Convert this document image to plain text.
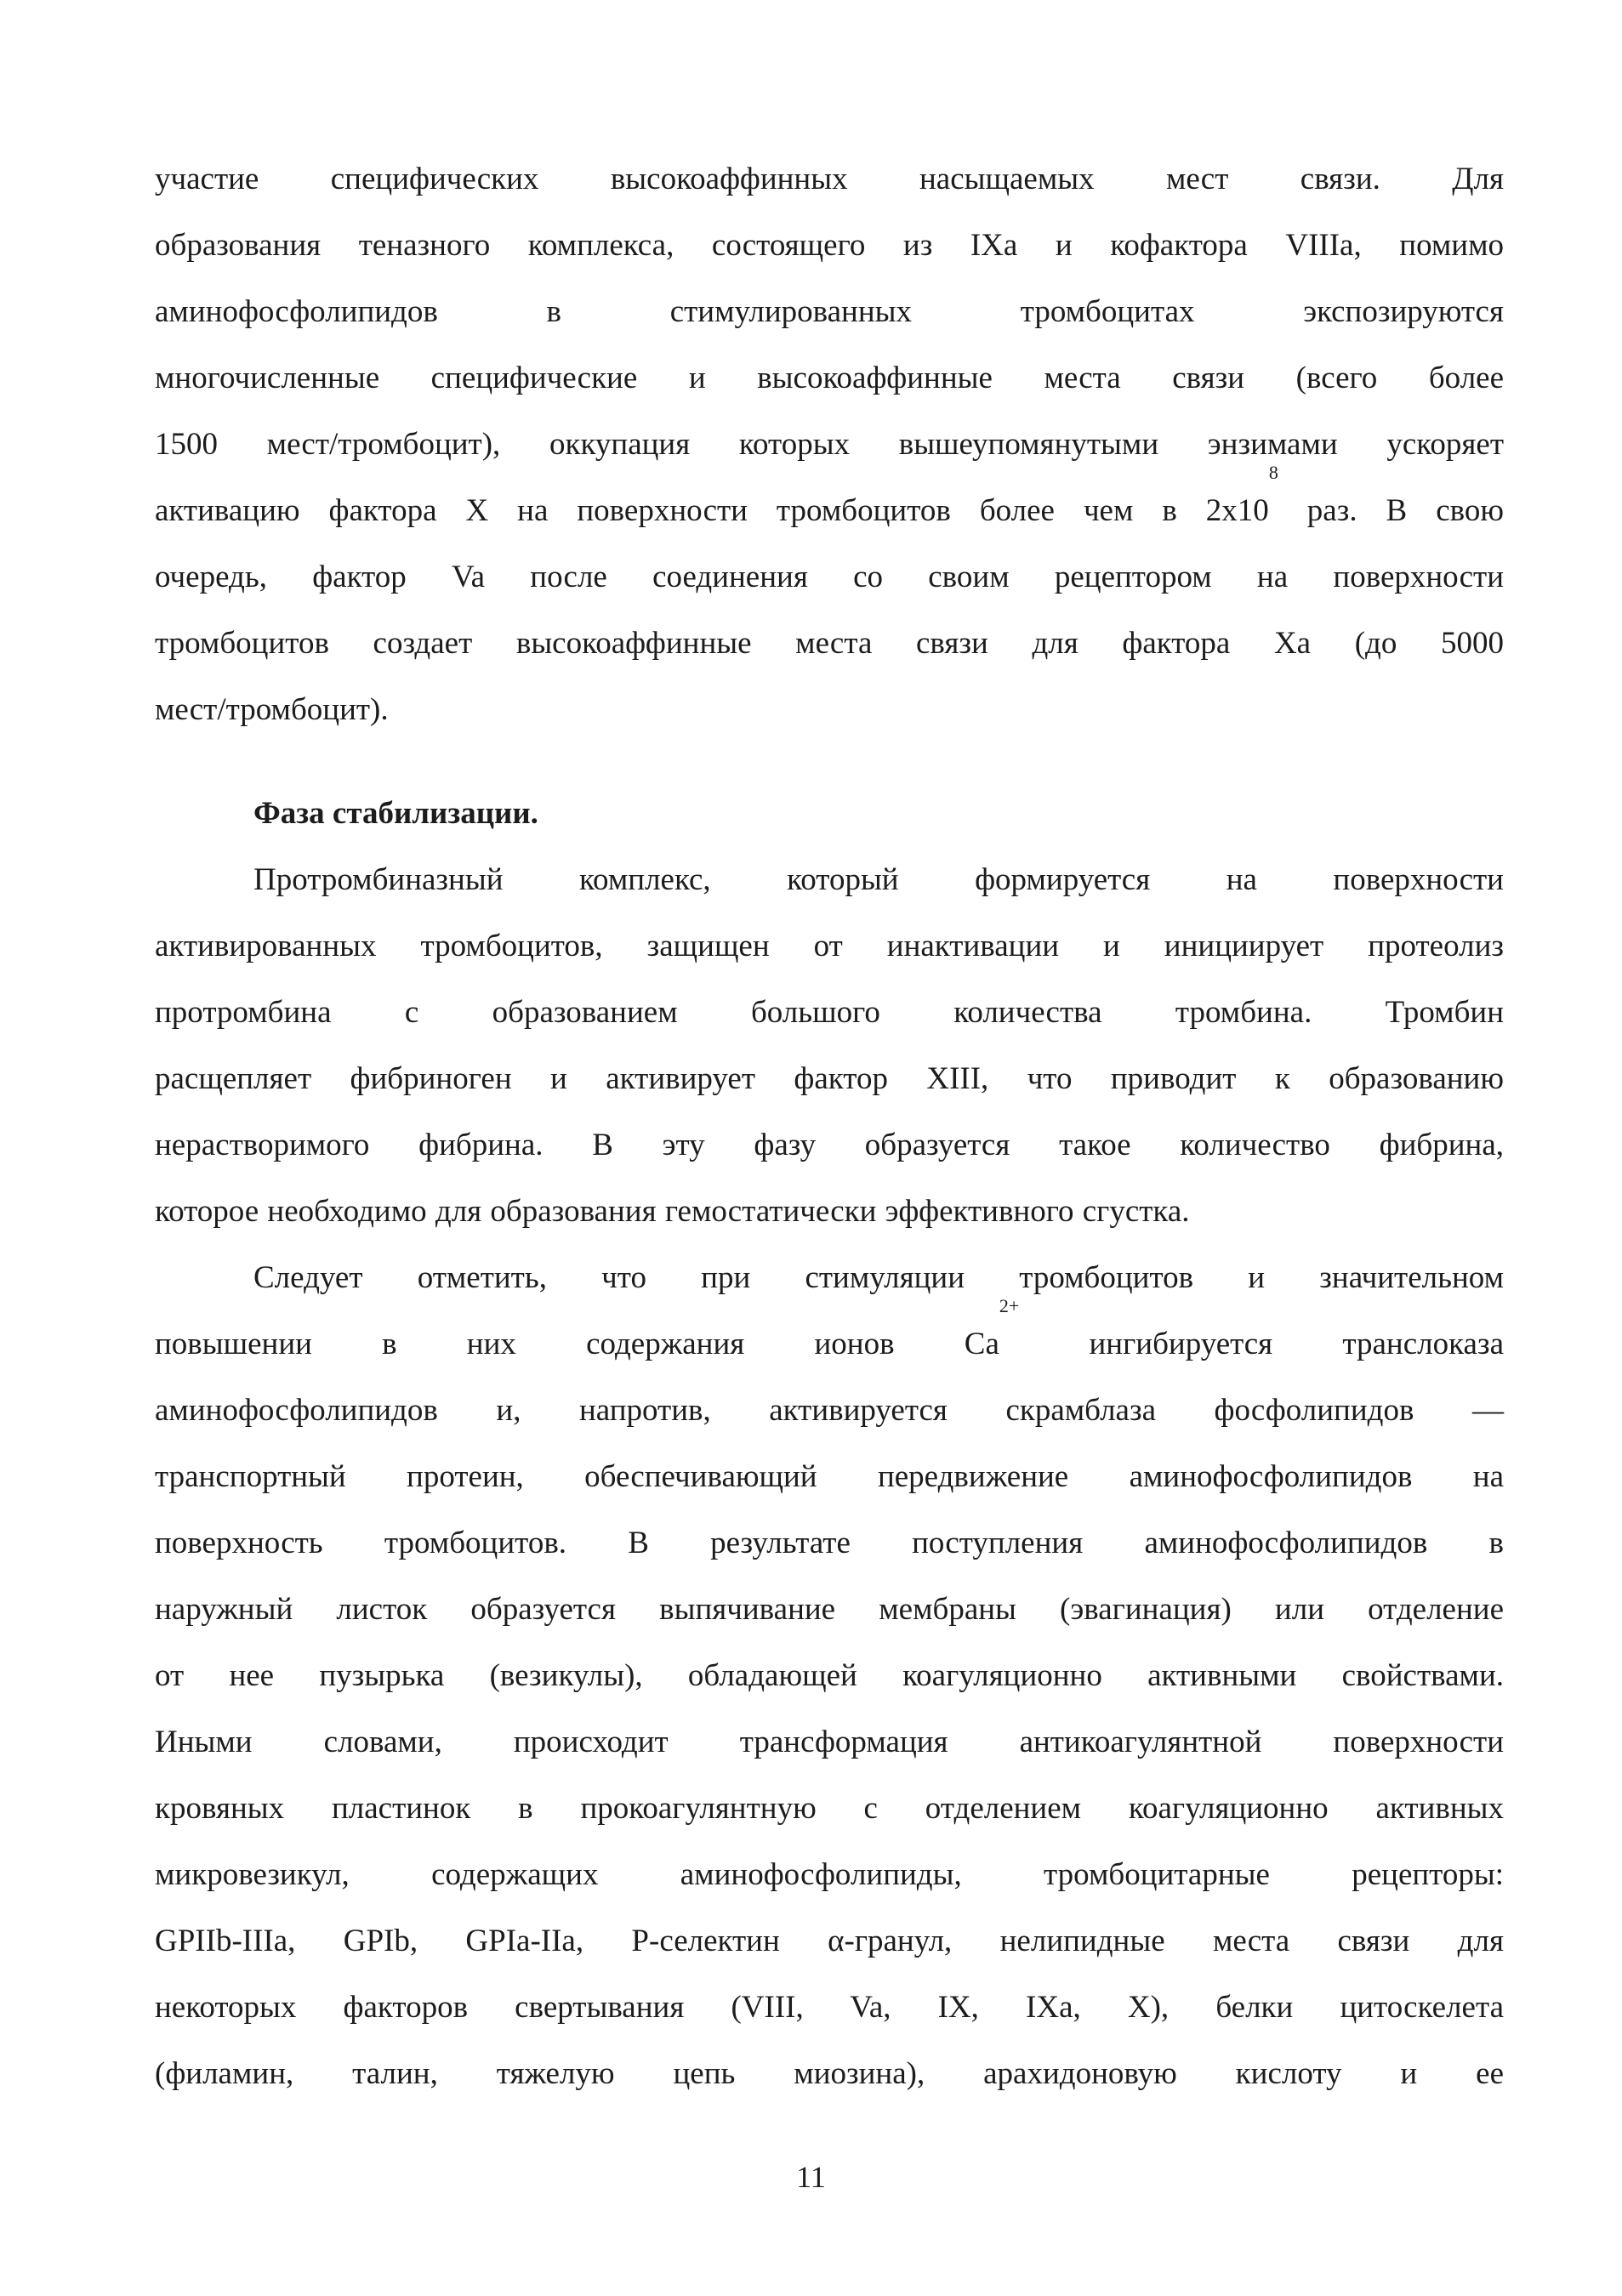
участие специфических высокоаффинных насыщаемых мест связи. Для
образования теназного комплекса, состоящего из IXa и кофактора VIIIa, помимо
аминофосфолипидов в стимулированных тромбоцитах экспозируются
многочисленные специфические и высокоаффинные места связи (всего более
1500 мест/тромбоцит), оккупация которых вышеупомянутыми энзимами ускоряет
активацию фактора X на поверхности тромбоцитов более чем в $2x10^8$ раз. В свою
очередь, фактор Va после соединения со своим рецептором на поверхности
тромбоцитов создает высокоаффинные места связи для фактора Xa (до 5000
мест/тромбоцит).
Фаза стабилизации.
Протромбиназный комплекс, который формируется на поверхности
активированных тромбоцитов, защищен от инактивации и инициирует протеолиз
протромбина с образованием большого количества тромбина. Тромбин
расщепляет фибриноген и активирует фактор XIII, что приводит к образованию
нерастворимого фибрина. В эту фазу образуется такое количество фибрина,
которое необходимо для образования гемостатически эффективного сгустка.
Следует отметить, что при стимуляции тромбоцитов и значительном
повышении в них содержания ионов $Ca^{2+}$ ингибируется транслоказа
аминофосфолипидов и, напротив, активируется скрамблаза фосфолипидов —
транспортный протеин, обеспечивающий передвижение аминофосфолипидов на
поверхность тромбоцитов. В результате поступления аминофосфолипидов в
наружный листок образуется выпячивание мембраны (эвагинация) или отделение
от нее пузырька (везикулы), обладающей коагуляционно активными свойствами.
Иными словами, происходит трансформация антикоагулянтной поверхности
кровяных пластинок в прокоагулянтную с отделением коагуляционно активных
микровезикул, содержащих аминофосфолипиды, тромбоцитарные рецепторы:
GPIIb-IIIa, GPIb, GPIa-IIa, P-селектин α-гранул, нелипидные места связи для
некоторых факторов свертывания (VIII, Va, IX, IXa, X), белки цитоскелета
(филамин, талин, тяжелую цепь миозина), арахидоновую кислоту и ее
11
